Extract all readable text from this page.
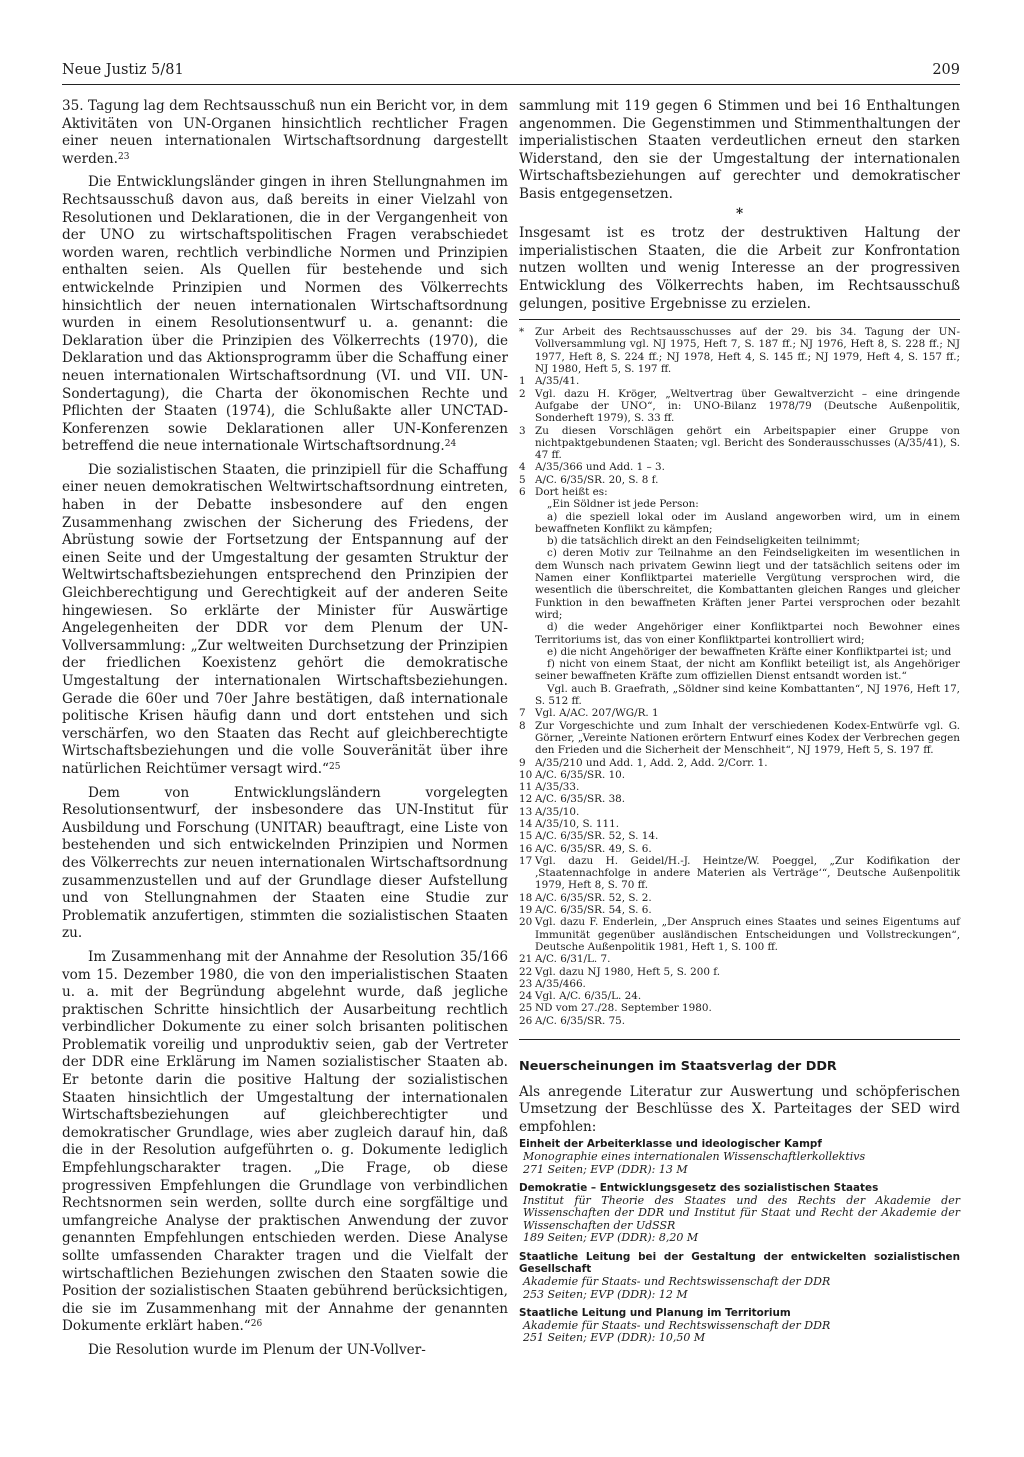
Neue Justiz 5/81	209

35. Tagung lag dem Rechtsausschuß nun ein Bericht vor, in dem Aktivitäten von UN-Organen hinsichtlich rechtlicher Fragen einer neuen internationalen Wirtschaftsordnung dargestellt werden.$^{23}$

Die Entwicklungsländer gingen in ihren Stellungnahmen im Rechtsausschuß davon aus, daß bereits in einer Vielzahl von Resolutionen und Deklarationen, die in der Vergangenheit von der UNO zu wirtschaftspolitischen Fragen verabschiedet worden waren, rechtlich verbindliche Normen und Prinzipien enthalten seien. Als Quellen für bestehende und sich entwickelnde Prinzipien und Normen des Völkerrechts hinsichtlich der neuen internationalen Wirtschaftsordnung wurden in einem Resolutionsentwurf u. a. genannt: die Deklaration über die Prinzipien des Völkerrechts (1970), die Deklaration und das Aktionsprogramm über die Schaffung einer neuen internationalen Wirtschaftsordnung (VI. und VII. UN-Sondertagung), die Charta der ökonomischen Rechte und Pflichten der Staaten (1974), die Schlußakte aller UNCTAD-Konferenzen sowie Deklarationen aller UN-Konferenzen betreffend die neue internationale Wirtschaftsordnung.$^{24}$

Die sozialistischen Staaten, die prinzipiell für die Schaffung einer neuen demokratischen Weltwirtschaftsordnung eintreten, haben in der Debatte insbesondere auf den engen Zusammenhang zwischen der Sicherung des Friedens, der Abrüstung sowie der Fortsetzung der Entspannung auf der einen Seite und der Umgestaltung der gesamten Struktur der Weltwirtschaftsbeziehungen entsprechend den Prinzipien der Gleichberechtigung und Gerechtigkeit auf der anderen Seite hingewiesen. So erklärte der Minister für Auswärtige Angelegenheiten der DDR vor dem Plenum der UN-Vollversammlung: „Zur weltweiten Durchsetzung der Prinzipien der friedlichen Koexistenz gehört die demokratische Umgestaltung der internationalen Wirtschaftsbeziehungen. Gerade die 60er und 70er Jahre bestätigen, daß internationale politische Krisen häufig dann und dort entstehen und sich verschärfen, wo den Staaten das Recht auf gleichberechtigte Wirtschaftsbeziehungen und die volle Souveränität über ihre natürlichen Reichtümer versagt wird.“$^{25}$

Dem von Entwicklungsländern vorgelegten Resolutionsentwurf, der insbesondere das UN-Institut für Ausbildung und Forschung (UNITAR) beauftragt, eine Liste von bestehenden und sich entwickelnden Prinzipien und Normen des Völkerrechts zur neuen internationalen Wirtschaftsordnung zusammenzustellen und auf der Grundlage dieser Aufstellung und von Stellungnahmen der Staaten eine Studie zur Problematik anzufertigen, stimmten die sozialistischen Staaten zu.

Im Zusammenhang mit der Annahme der Resolution 35/166 vom 15. Dezember 1980, die von den imperialistischen Staaten u. a. mit der Begründung abgelehnt wurde, daß jegliche praktischen Schritte hinsichtlich der Ausarbeitung rechtlich verbindlicher Dokumente zu einer solch brisanten politischen Problematik voreilig und unproduktiv seien, gab der Vertreter der DDR eine Erklärung im Namen sozialistischer Staaten ab. Er betonte darin die positive Haltung der sozialistischen Staaten hinsichtlich der Umgestaltung der internationalen Wirtschaftsbeziehungen auf gleichberechtigter und demokratischer Grundlage, wies aber zugleich darauf hin, daß die in der Resolution aufgeführten o. g. Dokumente lediglich Empfehlungscharakter tragen. „Die Frage, ob diese progressiven Empfehlungen die Grundlage von verbindlichen Rechtsnormen sein werden, sollte durch eine sorgfältige und umfangreiche Analyse der praktischen Anwendung der zuvor genannten Empfehlungen entschieden werden. Diese Analyse sollte umfassenden Charakter tragen und die Vielfalt der wirtschaftlichen Beziehungen zwischen den Staaten sowie die Position der sozialistischen Staaten gebührend berücksichtigen, die sie im Zusammenhang mit der Annahme der genannten Dokumente erklärt haben.“$^{26}$

Die Resolution wurde im Plenum der UN-Vollver-

sammlung mit 119 gegen 6 Stimmen und bei 16 Enthaltungen angenommen. Die Gegenstimmen und Stimmenthaltungen der imperialistischen Staaten verdeutlichen erneut den starken Widerstand, den sie der Umgestaltung der internationalen Wirtschaftsbeziehungen auf gerechter und demokratischer Basis entgegensetzen.

*

Insgesamt ist es trotz der destruktiven Haltung der imperialistischen Staaten, die die Arbeit zur Konfrontation nutzen wollten und wenig Interesse an der progressiven Entwicklung des Völkerrechts haben, im Rechtsausschuß gelungen, positive Ergebnisse zu erzielen.

*	Zur Arbeit des Rechtsausschusses auf der 29. bis 34. Tagung der UN-Vollversammlung vgl. NJ 1975, Heft 7, S. 187 ff.; NJ 1976, Heft 8, S. 228 ff.; NJ 1977, Heft 8, S. 224 ff.; NJ 1978, Heft 4, S. 145 ff.; NJ 1979, Heft 4, S. 157 ff.; NJ 1980, Heft 5, S. 197 ff.
1 A/35/41.
2 Vgl. dazu H. Kröger, „Weltvertrag über Gewaltverzicht – eine dringende Aufgabe der UNO“, in: UNO-Bilanz 1978/79 (Deutsche Außenpolitik, Sonderheft 1979), S. 33 ff.
3 Zu diesen Vorschlägen gehört ein Arbeitspapier einer Gruppe von nichtpaktgebundenen Staaten; vgl. Bericht des Sonderausschusses (A/35/41), S. 47 ff.
4 A/35/366 und Add. 1 – 3.
5 A/C. 6/35/SR. 20, S. 8 f.
6 Dort heißt es:
„Ein Söldner ist jede Person:
a) die speziell lokal oder im Ausland angeworben wird, um in einem bewaffneten Konflikt zu kämpfen;
b) die tatsächlich direkt an den Feindseligkeiten teilnimmt;
c) deren Motiv zur Teilnahme an den Feindseligkeiten im wesentlichen in dem Wunsch nach privatem Gewinn liegt und der tatsächlich seitens oder im Namen einer Konfliktpartei materielle Vergütung versprochen wird, die wesentlich die überschreitet, die Kombattanten gleichen Ranges und gleicher Funktion in den bewaffneten Kräften jener Partei versprochen oder bezahlt wird;
d) die weder Angehöriger einer Konfliktpartei noch Bewohner eines Territoriums ist, das von einer Konfliktpartei kontrolliert wird;
e) die nicht Angehöriger der bewaffneten Kräfte einer Konfliktpartei ist; und
f) nicht von einem Staat, der nicht am Konflikt beteiligt ist, als Angehöriger seiner bewaffneten Kräfte zum offiziellen Dienst entsandt worden ist.“
Vgl. auch B. Graefrath, „Söldner sind keine Kombattanten“, NJ 1976, Heft 17, S. 512 ff.
7 Vgl. A/AC. 207/WG/R. 1
8 Zur Vorgeschichte und zum Inhalt der verschiedenen Kodex-Entwürfe vgl. G. Görner, „Vereinte Nationen erörtern Entwurf eines Kodex der Verbrechen gegen den Frieden und die Sicherheit der Menschheit“, NJ 1979, Heft 5, S. 197 ff.
9 A/35/210 und Add. 1, Add. 2, Add. 2/Corr. 1.
10 A/C. 6/35/SR. 10.
11 A/35/33.
12 A/C. 6/35/SR. 38.
13 A/35/10.
14 A/35/10, S. 111.
15 A/C. 6/35/SR. 52, S. 14.
16 A/C. 6/35/SR. 49, S. 6.
17 Vgl. dazu H. Geidel/H.-J. Heintze/W. Poeggel, „Zur Kodifikation der ‚Staatennachfolge in andere Materien als Verträge‘“, Deutsche Außenpolitik 1979, Heft 8, S. 70 ff.
18 A/C. 6/35/SR. 52, S. 2.
19 A/C. 6/35/SR. 54, S. 6.
20 Vgl. dazu F. Enderlein, „Der Anspruch eines Staates und seines Eigentums auf Immunität gegenüber ausländischen Entscheidungen und Vollstreckungen“, Deutsche Außenpolitik 1981, Heft 1, S. 100 ff.
21 A/C. 6/31/L. 7.
22 Vgl. dazu NJ 1980, Heft 5, S. 200 f.
23 A/35/466.
24 Vgl. A/C. 6/35/L. 24.
25 ND vom 27./28. September 1980.
26 A/C. 6/35/SR. 75.
Neuerscheinungen im Staatsverlag der DDR
Als anregende Literatur zur Auswertung und schöpferischen Umsetzung der Beschlüsse des X. Parteitages der SED wird empfohlen:
Einheit der Arbeiterklasse und ideologischer Kampf
Monographie eines internationalen Wissenschaftlerkollektivs
271 Seiten; EVP (DDR): 13 M
Demokratie – Entwicklungsgesetz des sozialistischen Staates
Institut für Theorie des Staates und des Rechts der Akademie der Wissenschaften der DDR und Institut für Staat und Recht der Akademie der Wissenschaften der UdSSR
189 Seiten; EVP (DDR): 8,20 M
Staatliche Leitung bei der Gestaltung der entwickelten sozialistischen Gesellschaft
Akademie für Staats- und Rechtswissenschaft der DDR
253 Seiten; EVP (DDR): 12 M
Staatliche Leitung und Planung im Territorium
Akademie für Staats- und Rechtswissenschaft der DDR
251 Seiten; EVP (DDR): 10,50 M
